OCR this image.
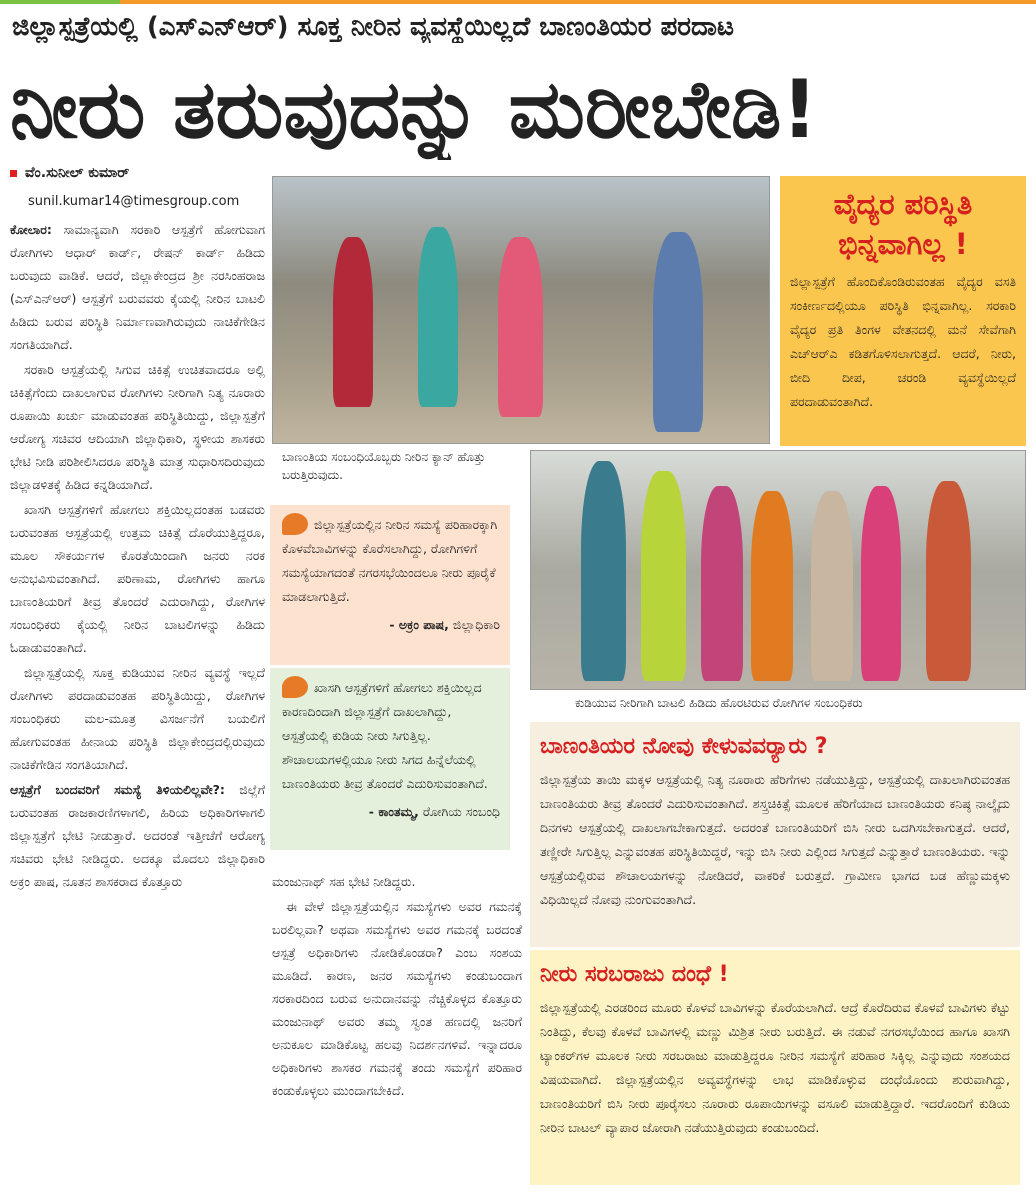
ಜಿಲ್ಲಾಸ್ಪತ್ರೆಯಲ್ಲಿ (ಎಸ್‌ಎನ್‌ಆರ್) ಸೂಕ್ತ ನೀರಿನ ವ್ಯವಸ್ಥೆಯಿಲ್ಲದೆ ಬಾಣಂತಿಯರ ಪರದಾಟ
ನೀರು ತರುವುದನ್ನು ಮರೀಬೇಡಿ!
ವೆಂ.ಸುನೀಲ್ ಕುಮಾರ್
sunil.kumar14@timesgroup.com

ಕೋಲಾರ: ಸಾಮಾನ್ಯವಾಗಿ ಸರಕಾರಿ ಆಸ್ಪತ್ರೆಗೆ ಹೋಗುವಾಗ ರೋಗಿಗಳು ಆಧಾರ್ ಕಾರ್ಡ್, ರೇಷನ್ ಕಾರ್ಡ್ ಹಿಡಿದು ಬರುವುದು ವಾಡಿಕೆ. ಆದರೆ, ಜಿಲ್ಲಾಕೇಂದ್ರದ ಶ್ರೀ ನರಸಿಂಹರಾಜ (ಎಸ್‌ಎನ್‌ಆರ್) ಆಸ್ಪತ್ರೆಗೆ ಬರುವವರು ಕೈಯಲ್ಲಿ ನೀರಿನ ಬಾಟಲಿ ಹಿಡಿದು ಬರುವ ಪರಿಸ್ಥಿತಿ ನಿರ್ಮಾಣವಾಗಿರುವುದು ನಾಚಿಕೆಗೇಡಿನ ಸಂಗತಿಯಾಗಿದೆ.

ಸರಕಾರಿ ಆಸ್ಪತ್ರೆಯಲ್ಲಿ ಸಿಗುವ ಚಿಕಿತ್ಸೆ ಉಚಿತವಾದರೂ ಅಲ್ಲಿ ಚಿಕಿತ್ಸೆಗೆಂದು ದಾಖಲಾಗುವ ರೋಗಿಗಳು ನೀರಿಗಾಗಿ ನಿತ್ಯ ನೂರಾರು ರೂಪಾಯಿ ಖರ್ಚು ಮಾಡುವಂತಹ ಪರಿಸ್ಥಿತಿಯಿದ್ದು, ಜಿಲ್ಲಾಸ್ಪತ್ರೆಗೆ ಆರೋಗ್ಯ ಸಚಿವರ ಆದಿಯಾಗಿ ಜಿಲ್ಲಾಧಿಕಾರಿ, ಸ್ಥಳೀಯ ಶಾಸಕರು ಭೇಟಿ ನೀಡಿ ಪರಿಶೀಲಿಸಿದರೂ ಪರಿಸ್ಥಿತಿ ಮಾತ್ರ ಸುಧಾರಿಸದಿರುವುದು ಜಿಲ್ಲಾಡಳಿತಕ್ಕೆ ಹಿಡಿದ ಕನ್ನಡಿಯಾಗಿದೆ.

ಖಾಸಗಿ ಆಸ್ಪತ್ರೆಗಳಿಗೆ ಹೋಗಲು ಶಕ್ತಿಯಿಲ್ಲದಂತಹ ಬಡವರು ಬರುವಂತಹ ಆಸ್ಪತ್ರೆಯಲ್ಲಿ ಉತ್ತಮ ಚಿಕಿತ್ಸೆ ದೊರೆಯುತ್ತಿದ್ದರೂ, ಮೂಲ ಸೌಕರ್ಯಗಳ ಕೊರತೆಯಿಂದಾಗಿ ಜನರು ನರಕ ಅನುಭವಿಸುವಂತಾಗಿದೆ. ಪರಿಣಾಮ, ರೋಗಿಗಳು ಹಾಗೂ ಬಾಣಂತಿಯರಿಗೆ ತೀವ್ರ ತೊಂದರೆ ಎದುರಾಗಿದ್ದು, ರೋಗಿಗಳ ಸಂಬಂಧಿಕರು ಕೈಯಲ್ಲಿ ನೀರಿನ ಬಾಟಲಿಗಳನ್ನು ಹಿಡಿದು ಓಡಾಡುವಂತಾಗಿದೆ.

ಜಿಲ್ಲಾಸ್ಪತ್ರೆಯಲ್ಲಿ ಸೂಕ್ತ ಕುಡಿಯುವ ನೀರಿನ ವ್ಯವಸ್ಥೆ ಇಲ್ಲದೆ ರೋಗಿಗಳು ಪರದಾಡುವಂತಹ ಪರಿಸ್ಥಿತಿಯಿದ್ದು, ರೋಗಿಗಳ ಸಂಬಂಧಿಕರು ಮಲ-ಮೂತ್ರ ವಿಸರ್ಜನೆಗೆ ಬಯಲಿಗೆ ಹೋಗುವಂತಹ ಹೀನಾಯ ಪರಿಸ್ಥಿತಿ ಜಿಲ್ಲಾಕೇಂದ್ರದಲ್ಲಿರುವುದು ನಾಚಿಕೆಗೇಡಿನ ಸಂಗತಿಯಾಗಿದೆ.

ಆಸ್ಪತ್ರೆಗೆ ಬಂದವರಿಗೆ ಸಮಸ್ಯೆ ತಿಳಿಯಲಿಲ್ಲವೇ?: ಜಿಲ್ಲೆಗೆ ಬರುವಂತಹ ರಾಜಕಾರಣಿಗಳಾಗಲಿ, ಹಿರಿಯ ಅಧಿಕಾರಿಗಳಾಗಲಿ ಜಿಲ್ಲಾಸ್ಪತ್ರೆಗೆ ಭೇಟಿ ನೀಡುತ್ತಾರೆ. ಅದರಂತೆ ಇತ್ತೀಚೆಗೆ ಆರೋಗ್ಯ ಸಚಿವರು ಭೇಟಿ ನೀಡಿದ್ದರು. ಅದಕ್ಕೂ ಮೊದಲು ಜಿಲ್ಲಾಧಿಕಾರಿ ಅಕ್ರಂ ಪಾಷ, ನೂತನ ಶಾಸಕರಾದ ಕೊತ್ತೂರು

ಬಾಣಂತಿಯ ಸಂಬಂಧಿಯೊಬ್ಬರು ನೀರಿನ ಕ್ಯಾನ್ ಹೊತ್ತು ಬರುತ್ತಿರುವುದು.
ವೈದ್ಯರ ಪರಿಸ್ಥಿತಿ ಭಿನ್ನವಾಗಿಲ್ಲ !

ಜಿಲ್ಲಾಸ್ಪತ್ರೆಗೆ ಹೊಂದಿಕೊಂಡಿರುವಂತಹ ವೈದ್ಯರ ವಸತಿ ಸಂಕೀರ್ಣದಲ್ಲಿಯೂ ಪರಿಸ್ಥಿತಿ ಭಿನ್ನವಾಗಿಲ್ಲ. ಸರಕಾರಿ ವೈದ್ಯರ ಪ್ರತಿ ತಿಂಗಳ ವೇತನದಲ್ಲಿ ಮನೆ ಸೇವೆಗಾಗಿ ಎಚ್‌ಆರ್‌ಎ ಕಡಿತಗೊಳಿಸಲಾಗುತ್ತದೆ. ಆದರೆ, ನೀರು, ಬೀದಿ ದೀಪ, ಚರಂಡಿ ವ್ಯವಸ್ಥೆಯಿಲ್ಲದೆ ಪರದಾಡುವಂತಾಗಿದೆ.

ಜಿಲ್ಲಾಸ್ಪತ್ರೆಯಲ್ಲಿನ ನೀರಿನ ಸಮಸ್ಯೆ ಪರಿಹಾರಕ್ಕಾಗಿ ಕೊಳವೆಬಾವಿಗಳನ್ನು ಕೊರೆಸಲಾಗಿದ್ದು, ರೋಗಿಗಳಿಗೆ ಸಮಸ್ಯೆಯಾಗದಂತೆ ನಗರಸಭೆಯಿಂದಲೂ ನೀರು ಪೂರೈಕೆ ಮಾಡಲಾಗುತ್ತಿದೆ.
- ಅಕ್ರಂ ಪಾಷ, ಜಿಲ್ಲಾಧಿಕಾರಿ
ಖಾಸಗಿ ಆಸ್ಪತ್ರೆಗಳಿಗೆ ಹೋಗಲು ಶಕ್ತಿಯಿಲ್ಲದ ಕಾರಣದಿಂದಾಗಿ ಜಿಲ್ಲಾಸ್ಪತ್ರೆಗೆ ದಾಖಲಾಗಿದ್ದು, ಆಸ್ಪತ್ರೆಯಲ್ಲಿ ಕುಡಿಯ ನೀರು ಸಿಗುತ್ತಿಲ್ಲ. ಶೌಚಾಲಯಗಳಲ್ಲಿಯೂ ನೀರು ಸಿಗದ ಹಿನ್ನೆಲೆಯಲ್ಲಿ ಬಾಣಂತಿಯರು ತೀವ್ರ ತೊಂದರೆ ಎದುರಿಸುವಂತಾಗಿದೆ.
- ಕಾಂತಮ್ಮ, ರೋಗಿಯ ಸಂಬಂಧಿ

ಮಂಜುನಾಥ್ ಸಹ ಭೇಟಿ ನೀಡಿದ್ದರು.

ಈ ವೇಳೆ ಜಿಲ್ಲಾಸ್ಪತ್ರೆಯಲ್ಲಿನ ಸಮಸ್ಯೆಗಳು ಅವರ ಗಮನಕ್ಕೆ ಬರಲಿಲ್ಲವಾ? ಅಥವಾ ಸಮಸ್ಯೆಗಳು ಅವರ ಗಮನಕ್ಕೆ ಬರದಂತೆ ಆಸ್ಪತ್ರೆ ಅಧಿಕಾರಿಗಳು ನೋಡಿಕೊಂಡರಾ? ಎಂಬ ಸಂಶಯ ಮೂಡಿದೆ. ಕಾರಣ, ಜನರ ಸಮಸ್ಯೆಗಳು ಕಂಡುಬಂದಾಗ ಸರಕಾರದಿಂದ ಬರುವ ಅನುದಾನವನ್ನು ನೆಚ್ಚಿಕೊಳ್ಳದ ಕೊತ್ತೂರು ಮಂಜುನಾಥ್ ಅವರು ತಮ್ಮ ಸ್ವಂತ ಹಣದಲ್ಲಿ ಜನರಿಗೆ ಅನುಕೂಲ ಮಾಡಿಕೊಟ್ಟ ಹಲವು ನಿದರ್ಶನಗಳಿವೆ. ಇನ್ನಾದರೂ ಅಧಿಕಾರಿಗಳು ಶಾಸಕರ ಗಮನಕ್ಕೆ ತಂದು ಸಮಸ್ಯೆಗೆ ಪರಿಹಾರ ಕಂಡುಕೊಳ್ಳಲು ಮುಂದಾಗಬೇಕಿದೆ.

ಕುಡಿಯುವ ನೀರಿಗಾಗಿ ಬಾಟಲಿ ಹಿಡಿದು ಹೊರಟಿರುವ ರೋಗಿಗಳ ಸಂಬಂಧಿಕರು
ಬಾಣಂತಿಯರ ನೋವು ಕೇಳುವವರ್‍ಯಾರು ?

ಜಿಲ್ಲಾಸ್ಪತ್ರೆಯ ತಾಯಿ ಮಕ್ಕಳ ಆಸ್ಪತ್ರೆಯಲ್ಲಿ ನಿತ್ಯ ನೂರಾರು ಹೆರಿಗೆಗಳು ನಡೆಯುತ್ತಿದ್ದು, ಆಸ್ಪತ್ರೆಯಲ್ಲಿ ದಾಖಲಾಗಿರುವಂತಹ ಬಾಣಂತಿಯರು ತೀವ್ರ ತೊಂದರೆ ಎದುರಿಸುವಂತಾಗಿದೆ. ಶಸ್ತ್ರಚಿಕಿತ್ಸೆ ಮೂಲಕ ಹೆರಿಗೆಯಾದ ಬಾಣಂತಿಯರು ಕನಿಷ್ಠ ನಾಲ್ಕೈದು ದಿನಗಳು ಆಸ್ಪತ್ರೆಯಲ್ಲಿ ದಾಖಲಾಗಬೇಕಾಗುತ್ತದೆ. ಅದರಂತೆ ಬಾಣಂತಿಯರಿಗೆ ಬಿಸಿ ನೀರು ಒದಗಿಸಬೇಕಾಗುತ್ತದೆ. ಆದರೆ, ತಣ್ಣೀರೇ ಸಿಗುತ್ತಿಲ್ಲ ಎನ್ನುವಂತಹ ಪರಿಸ್ಥಿತಿಯಿದ್ದರೆ, ಇನ್ನು ಬಿಸಿ ನೀರು ಎಲ್ಲಿಂದ ಸಿಗುತ್ತದೆ ಎನ್ನುತ್ತಾರೆ ಬಾಣಂತಿಯರು. ಇನ್ನು ಆಸ್ಪತ್ರೆಯಲ್ಲಿರುವ ಶೌಚಾಲಯಗಳನ್ನು ನೋಡಿದರೆ, ವಾಕರಿಕೆ ಬರುತ್ತದೆ. ಗ್ರಾಮೀಣ ಭಾಗದ ಬಡ ಹೆಣ್ಣುಮಕ್ಕಳು ವಿಧಿಯಿಲ್ಲದೆ ನೋವು ನುಂಗುವಂತಾಗಿದೆ.

ನೀರು ಸರಬರಾಜು ದಂಧೆ !

ಜಿಲ್ಲಾಸ್ಪತ್ರೆಯಲ್ಲಿ ಎರಡರಿಂದ ಮೂರು ಕೊಳವೆ ಬಾವಿಗಳನ್ನು ಕೊರೆಯಲಾಗಿದೆ. ಆದ್ರೆ ಕೊರೆದಿರುವ ಕೊಳವೆ ಬಾವಿಗಳು ಕೆಟ್ಟು ನಿಂತಿದ್ದು, ಕೆಲವು ಕೊಳವೆ ಬಾವಿಗಳಲ್ಲಿ ಮಣ್ಣು ಮಿಶ್ರಿತ ನೀರು ಬರುತ್ತಿದೆ. ಈ ನಡುವೆ ನಗರಸಭೆಯಿಂದ ಹಾಗೂ ಖಾಸಗಿ ಟ್ಯಾಂಕರ್‌ಗಳ ಮೂಲಕ ನೀರು ಸರಬರಾಜು ಮಾಡುತ್ತಿದ್ದರೂ ನೀರಿನ ಸಮಸ್ಯೆಗೆ ಪರಿಹಾರ ಸಿಕ್ಕಿಲ್ಲ ಎನ್ನುವುದು ಸಂಶಯದ ವಿಷಯವಾಗಿದೆ. ಜಿಲ್ಲಾಸ್ಪತ್ರೆಯಲ್ಲಿನ ಅವ್ಯವಸ್ಥೆಗಳನ್ನು ಲಾಭ ಮಾಡಿಕೊಳ್ಳುವ ದಂಧೆಯೊಂದು ಶುರುವಾಗಿದ್ದು, ಬಾಣಂತಿಯರಿಗೆ ಬಿಸಿ ನೀರು ಪೂರೈಸಲು ನೂರಾರು ರೂಪಾಯಿಗಳನ್ನು ವಸೂಲಿ ಮಾಡುತ್ತಿದ್ದಾರೆ. ಇದರೊಂದಿಗೆ ಕುಡಿಯ ನೀರಿನ ಬಾಟಲ್ ವ್ಯಾಪಾರ ಜೋರಾಗಿ ನಡೆಯುತ್ತಿರುವುದು ಕಂಡುಬಂದಿದೆ.
